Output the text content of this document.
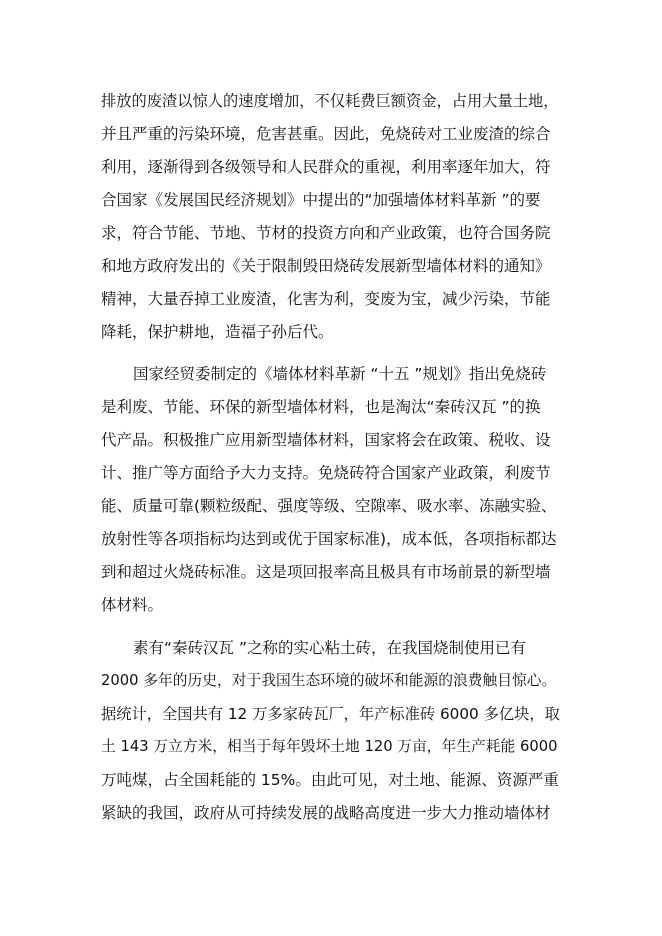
排放的废渣以惊人的速度增加，不仅耗费巨额资金，占用大量土地，
并且严重的污染环境，危害甚重。因此，免烧砖对工业废渣的综合
利用，逐渐得到各级领导和人民群众的重视，利用率逐年加大，符
合国家《发展国民经济规划》中提出的“加强墙体材料革新 ”的要
求，符合节能、节地、节材的投资方向和产业政策，也符合国务院
和地方政府发出的《关于限制毁田烧砖发展新型墙体材料的通知》
精神，大量吞掉工业废渣，化害为利，变废为宝，减少污染，节能
降耗，保护耕地，造福子孙后代。
国家经贸委制定的《墙体材料革新 “十五 ”规划》指出免烧砖
是利废、节能、环保的新型墙体材料，也是淘汰“秦砖汉瓦 ”的换
代产品。积极推广应用新型墙体材料，国家将会在政策、税收、设
计、推广等方面给予大力支持。免烧砖符合国家产业政策，利废节
能、质量可靠(颗粒级配、强度等级、空隙率、吸水率、冻融实验、
放射性等各项指标均达到或优于国家标准)，成本低，各项指标都达
到和超过火烧砖标准。这是项回报率高且极具有市场前景的新型墙
体材料。
素有“秦砖汉瓦 ”之称的实心粘土砖，在我国烧制使用已有
2000 多年的历史，对于我国生态环境的破坏和能源的浪费触目惊心。
据统计，全国共有 12 万多家砖瓦厂，年产标准砖 6000 多亿块，取
土 143 万立方米，相当于每年毁坏土地 120 万亩，年生产耗能 6000
万吨煤，占全国耗能的 15%。由此可见，对土地、能源、资源严重
紧缺的我国，政府从可持续发展的战略高度进一步大力推动墙体材
